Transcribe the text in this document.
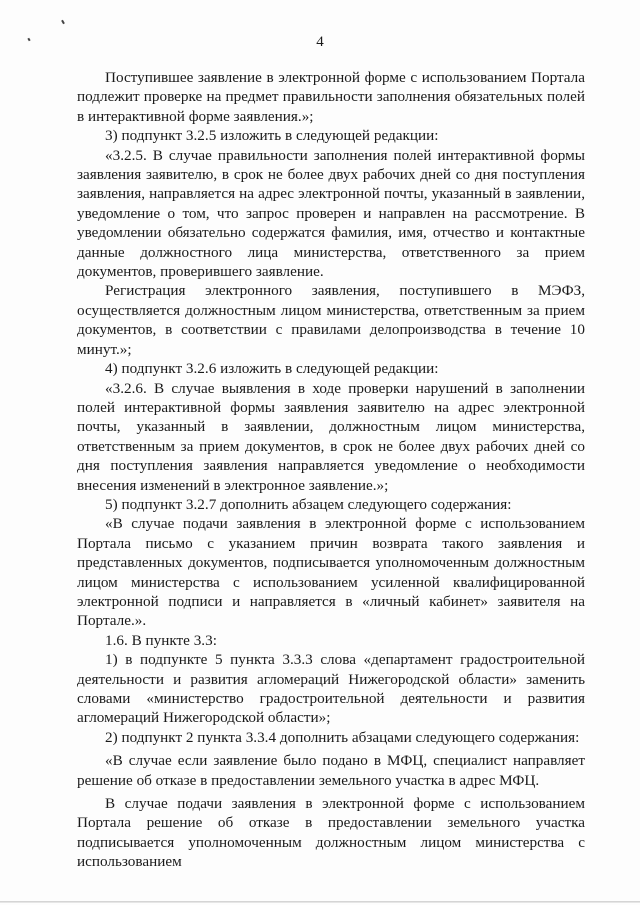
4

Поступившее заявление в электронной форме с использованием Портала подлежит проверке на предмет правильности заполнения обязательных полей в интерактивной форме заявления.»;

3) подпункт 3.2.5 изложить в следующей редакции:

«3.2.5. В случае правильности заполнения полей интерактивной формы заявления заявителю, в срок не более двух рабочих дней со дня поступления заявления, направляется на адрес электронной почты, указанный в заявлении, уведомление о том, что запрос проверен и направлен на рассмотрение. В уведомлении обязательно содержатся фамилия, имя, отчество и контактные данные должностного лица министерства, ответственного за прием документов, проверившего заявление.

Регистрация электронного заявления, поступившего в МЭФЗ, осуществляется должностным лицом министерства, ответственным за прием документов, в соответствии с правилами делопроизводства в течение 10 минут.»;

4) подпункт 3.2.6 изложить в следующей редакции:

«3.2.6. В случае выявления в ходе проверки нарушений в заполнении полей интерактивной формы заявления заявителю на адрес электронной почты, указанный в заявлении, должностным лицом министерства, ответственным за прием документов, в срок не более двух рабочих дней со дня поступления заявления направляется уведомление о необходимости внесения изменений в электронное заявление.»;

5) подпункт 3.2.7 дополнить абзацем следующего содержания:

«В случае подачи заявления в электронной форме с использованием Портала письмо с указанием причин возврата такого заявления и представленных документов, подписывается уполномоченным должностным лицом министерства с использованием усиленной квалифицированной электронной подписи и направляется в «личный кабинет» заявителя на Портале.».

1.6. В пункте 3.3:

1) в подпункте 5 пункта 3.3.3 слова «департамент градостроительной деятельности и развития агломераций Нижегородской области» заменить словами «министерство градостроительной деятельности и развития агломераций Нижегородской области»;

2) подпункт 2 пункта 3.3.4 дополнить абзацами следующего содержания:

«В случае если заявление было подано в МФЦ, специалист направляет решение об отказе в предоставлении земельного участка в адрес МФЦ.

В случае подачи заявления в электронной форме с использованием Портала решение об отказе в предоставлении земельного участка подписывается уполномоченным должностным лицом министерства с использованием
